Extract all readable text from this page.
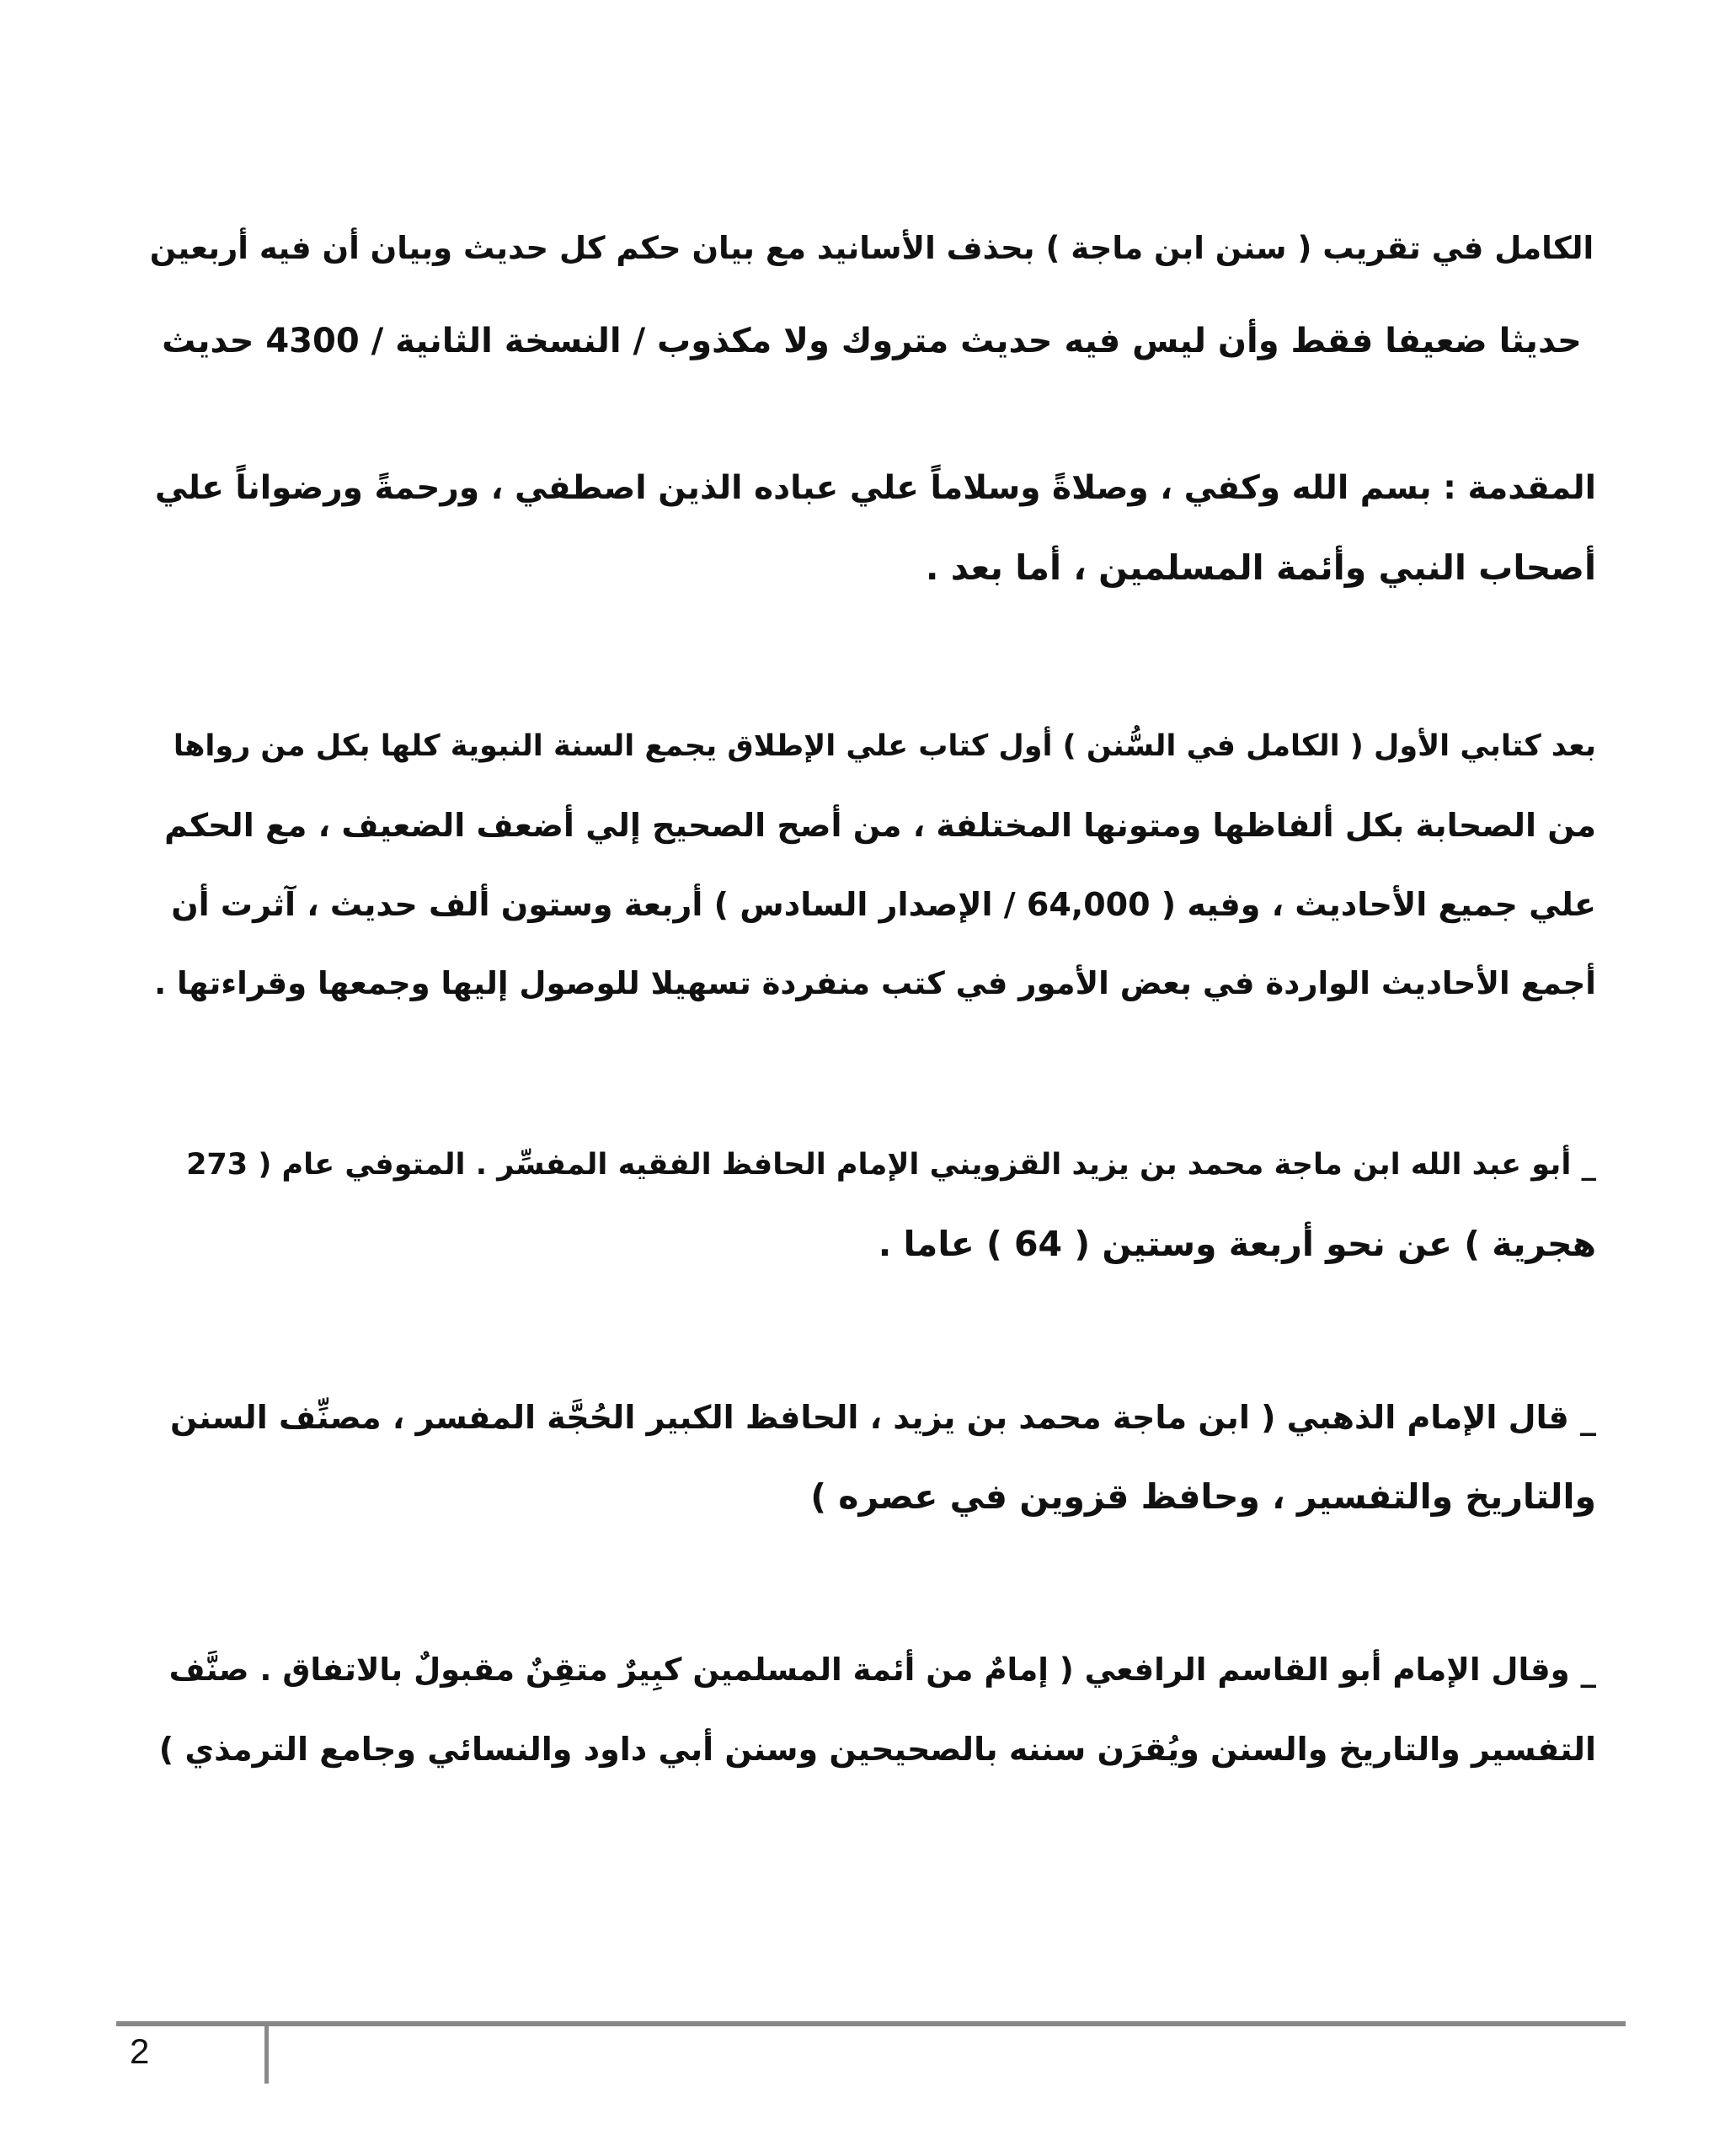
الكامل في تقريب ( سنن ابن ماجة ) بحذف الأسانيد مع بيان حكم كل حديث وبيان أن فيه أربعين
حديثا ضعيفا فقط وأن ليس فيه حديث متروك ولا مكذوب / النسخة الثانية / 4300 حديث

المقدمة : بسم الله وكفي ، وصلاةً وسلاماً علي عباده الذين اصطفي ، ورحمةً ورضواناً علي
أصحاب النبي وأئمة المسلمين ، أما بعد .

بعد كتابي الأول ( الكامل في السُّنن ) أول كتاب علي الإطلاق يجمع السنة النبوية كلها بكل من رواها
من الصحابة بكل ألفاظها ومتونها المختلفة ، من أصح الصحيح إلي أضعف الضعيف ، مع الحكم
علي جميع الأحاديث ، وفيه ( 64,000 / الإصدار السادس ) أربعة وستون ألف حديث ، آثرت أن
أجمع الأحاديث الواردة في بعض الأمور في كتب منفردة تسهيلا للوصول إليها وجمعها وقراءتها .

_ أبو عبد الله ابن ماجة محمد بن يزيد القزويني الإمام الحافظ الفقيه المفسِّر . المتوفي عام ( 273
هجرية ) عن نحو أربعة وستين ( 64 ) عاما .

_ قال الإمام الذهبي ( ابن ماجة محمد بن يزيد ، الحافظ الكبير الحُجَّة المفسر ، مصنِّف السنن
والتاريخ والتفسير ، وحافظ قزوين في عصره )

_ وقال الإمام أبو القاسم الرافعي ( إمامٌ من أئمة المسلمين كبِيرٌ متقِنٌ مقبولٌ بالاتفاق . صنَّف
التفسير والتاريخ والسنن ويُقرَن سننه بالصحيحين وسنن أبي داود والنسائي وجامع الترمذي )

2
